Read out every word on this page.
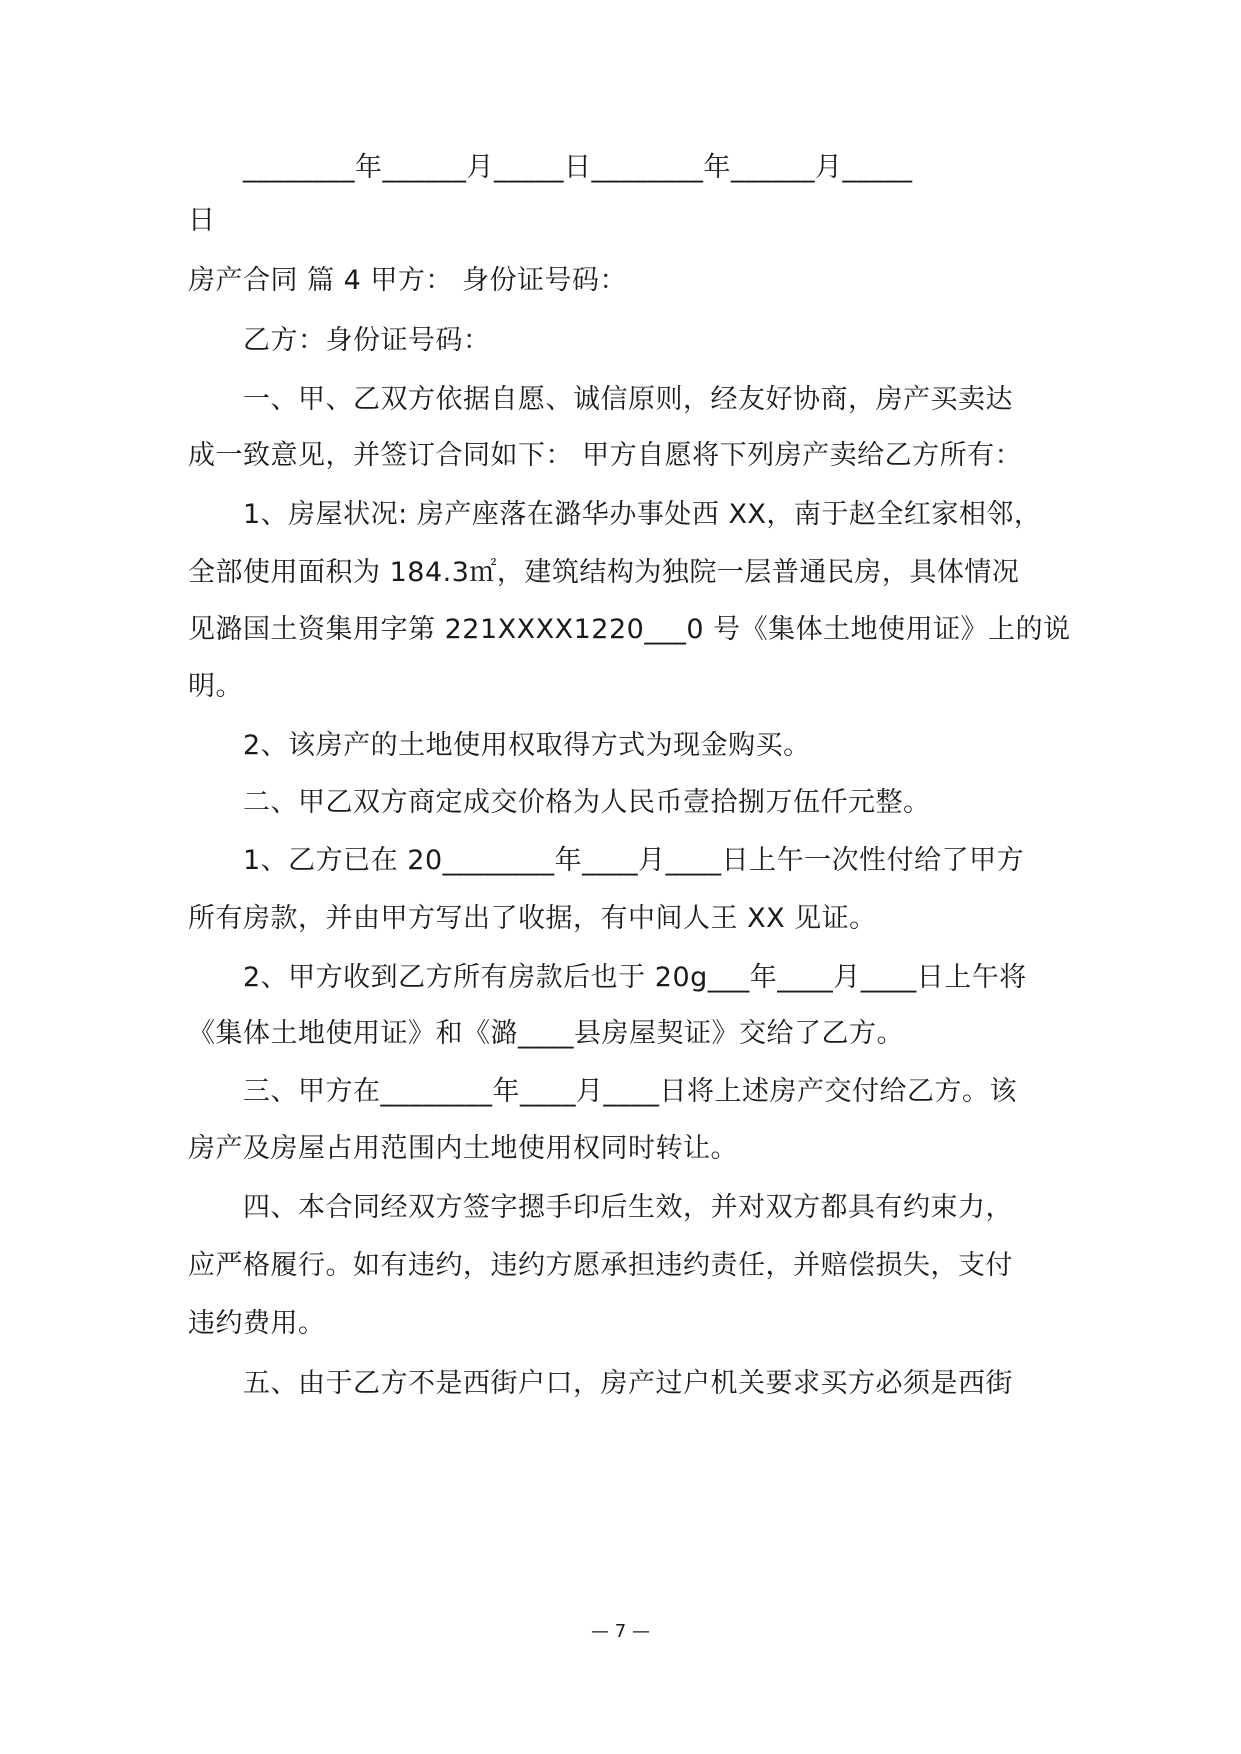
　　________年______月_____日________年______月_____
日
房产合同 篇 4 甲方： 身份证号码：
　　乙方：身份证号码：
　　一、甲、乙双方依据自愿、诚信原则，经友好协商，房产买卖达
成一致意见，并签订合同如下： 甲方自愿将下列房产卖给乙方所有：
　　1、房屋状况: 房产座落在潞华办事处西 XX，南于赵全红家相邻，
全部使用面积为 184.3㎡，建筑结构为独院一层普通民房，具体情况
见潞国土资集用字第 221XXXX1220___0 号《集体土地使用证》上的说
明。
　　2、该房产的土地使用权取得方式为现金购买。
　　二、甲乙双方商定成交价格为人民币壹拾捌万伍仟元整。
　　1、乙方已在 20________年____月____日上午一次性付给了甲方
所有房款，并由甲方写出了收据，有中间人王 XX 见证。
　　2、甲方收到乙方所有房款后也于 20g___年____月____日上午将
《集体土地使用证》和《潞____县房屋契证》交给了乙方。
　　三、甲方在________年____月____日将上述房产交付给乙方。该
房产及房屋占用范围内土地使用权同时转让。
　　四、本合同经双方签字摁手印后生效，并对双方都具有约束力，
应严格履行。如有违约，违约方愿承担违约责任，并赔偿损失，支付
违约费用。
　　五、由于乙方不是西街户口，房产过户机关要求买方必须是西街
— 7 —
